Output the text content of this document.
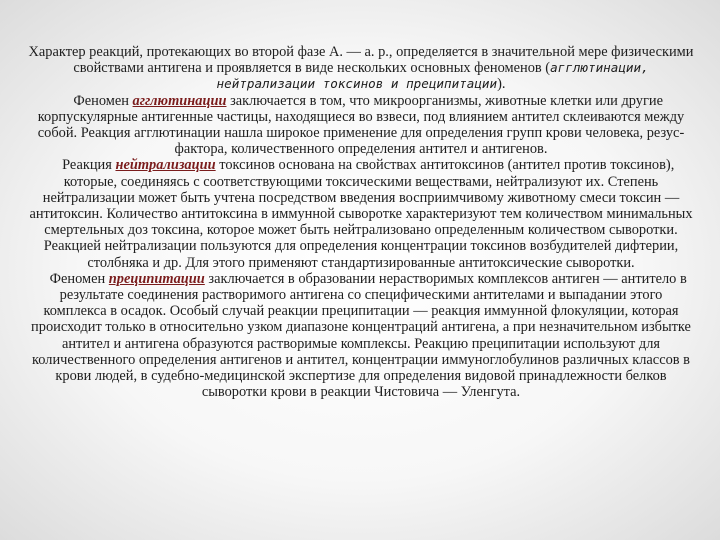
Характер реакций, протекающих во второй фазе А. — а. р., определяется в значительной мере физическими свойствами антигена и проявляется в виде нескольких основных феноменов (агглютинации, нейтрализации токсинов и преципитации).

Феномен агглютинации заключается в том, что микроорганизмы, животные клетки или другие корпускулярные антигенные частицы, находящиеся во взвеси, под влиянием антител склеиваются между собой. Реакция агглютинации нашла широкое применение для определения групп крови человека, резус-фактора, количественного определения антител и антигенов.

Реакция нейтрализации токсинов основана на свойствах антитоксинов (антител против токсинов), которые, соединяясь с соответствующими токсическими веществами, нейтрализуют их. Степень нейтрализации может быть учтена посредством введения восприимчивому животному смеси токсин — антитоксин. Количество антитоксина в иммунной сыворотке характеризуют тем количеством минимальных смертельных доз токсина, которое может быть нейтрализовано определенным количеством сыворотки. Реакцией нейтрализации пользуются для определения концентрации токсинов возбудителей дифтерии, столбняка и др. Для этого применяют стандартизированные антитоксические сыворотки.

Феномен преципитации заключается в образовании нерастворимых комплексов антиген — антитело в результате соединения растворимого антигена со специфическими антителами и выпадании этого комплекса в осадок. Особый случай реакции преципитации — реакция иммунной флокуляции, которая происходит только в относительно узком диапазоне концентраций антигена, а при незначительном избытке антител и антигена образуются растворимые комплексы. Реакцию преципитации используют для количественного определения антигенов и антител, концентрации иммуноглобулинов различных классов в крови людей, в судебно-медицинской экспертизе для определения видовой принадлежности белков сыворотки крови в реакции Чистовича — Уленгута.
